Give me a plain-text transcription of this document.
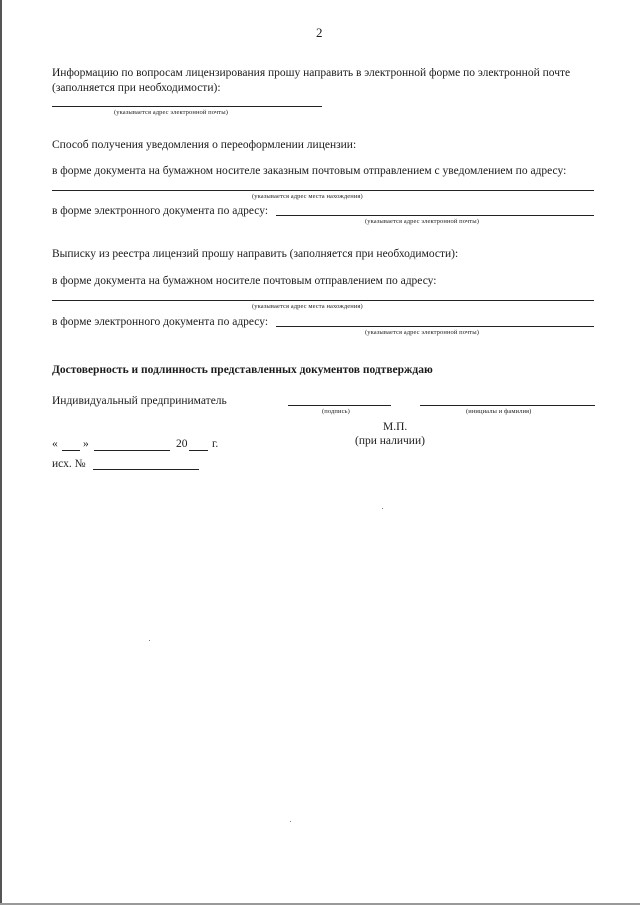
2
Информацию по вопросам лицензирования прошу направить в электронной форме по электронной почте
(заполняется при необходимости):
(указывается адрес электронной почты)
Способ получения уведомления о переоформлении лицензии:
в форме документа на бумажном носителе заказным почтовым отправлением с уведомлением по адресу:
(указывается адрес места нахождения)
в форме электронного документа по адресу:
(указывается адрес электронной почты)
Выписку из реестра лицензий прошу направить (заполняется при необходимости):
в форме документа на бумажном носителе почтовым отправлением по адресу:
(указывается адрес места нахождения)
в форме электронного документа по адресу:
(указывается адрес электронной почты)
Достоверность и подлинность представленных документов подтверждаю
Индивидуальный предприниматель
(подпись)	(инициалы и фамилия)
М.П.
(при наличии)
« »	20 г.
исх. №
